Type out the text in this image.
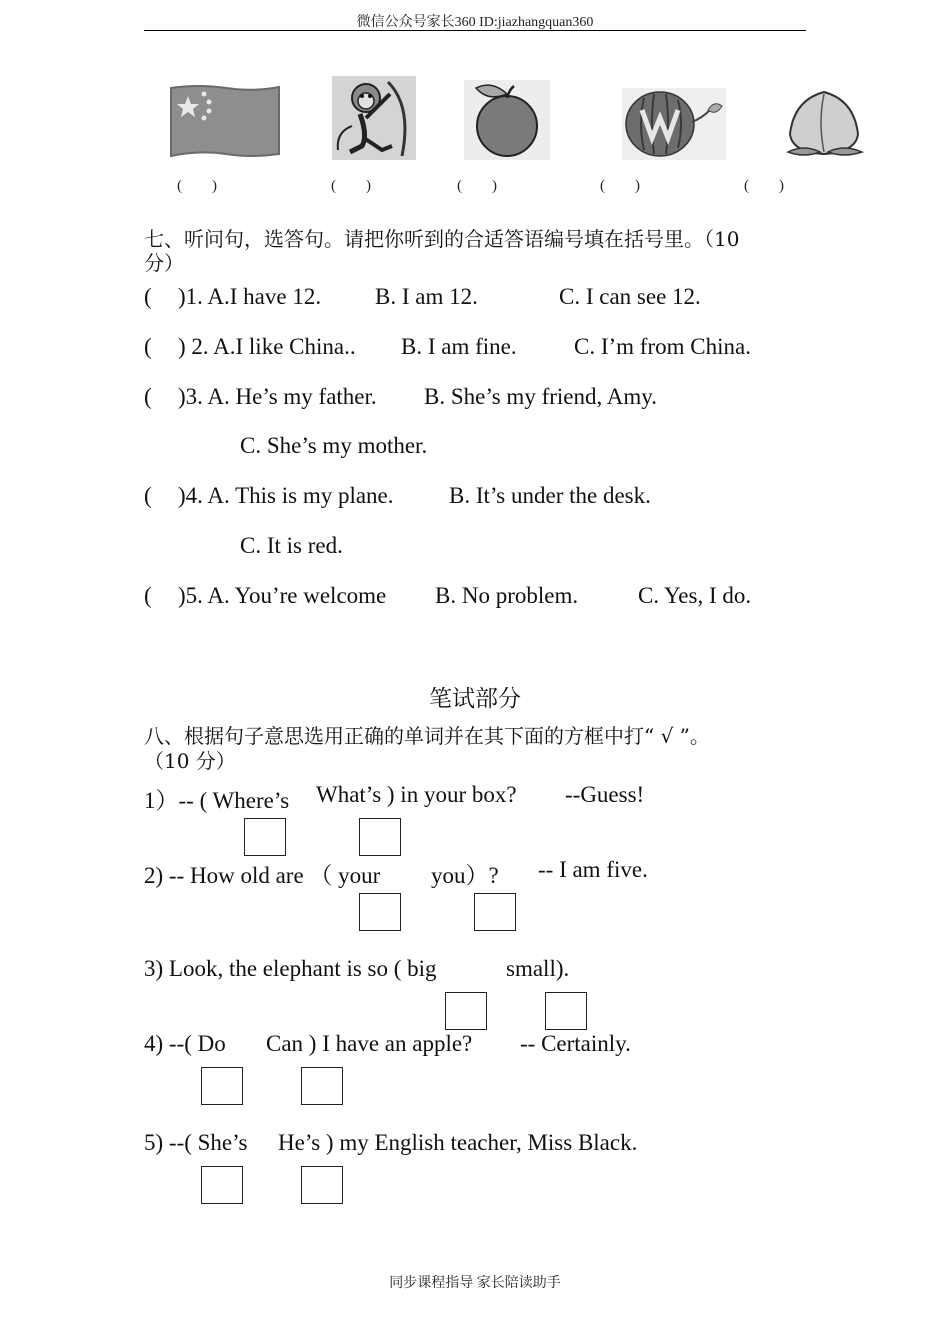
微信公众号家长360 ID:jiazhangquan360
(　　)	(　　)	(　　)	(　　)	(　　)
七、听问句，选答句。请把你听到的合适答语编号填在括号里。（10
分）
( )1. A.I have 12. B. I am 12.	C. I can see 12.
( ) 2. A.I like China.. B. I am fine. C. I’m from China.
( )3. A. He’s my father. B. She’s my friend, Amy.
C. She’s my mother.
( )4. A. This is my plane. B. It’s under the desk.
C. It is red.
( )5. A. You’re welcome B. No problem.	C. Yes, I do.
笔试部分
八、根据句子意思选用正确的单词并在其下面的方框中打“ √ ”。
（10 分）
1）-- ( Where’s What’s ) in your box? --Guess!
2) -- How old are （ your you）? -- I am five.
3) Look, the elephant is so ( big	small).
4) --( Do Can ) I have an apple? -- Certainly.
5) --( She’s He’s ) my English teacher, Miss Black.
同步课程指导 家长陪读助手
